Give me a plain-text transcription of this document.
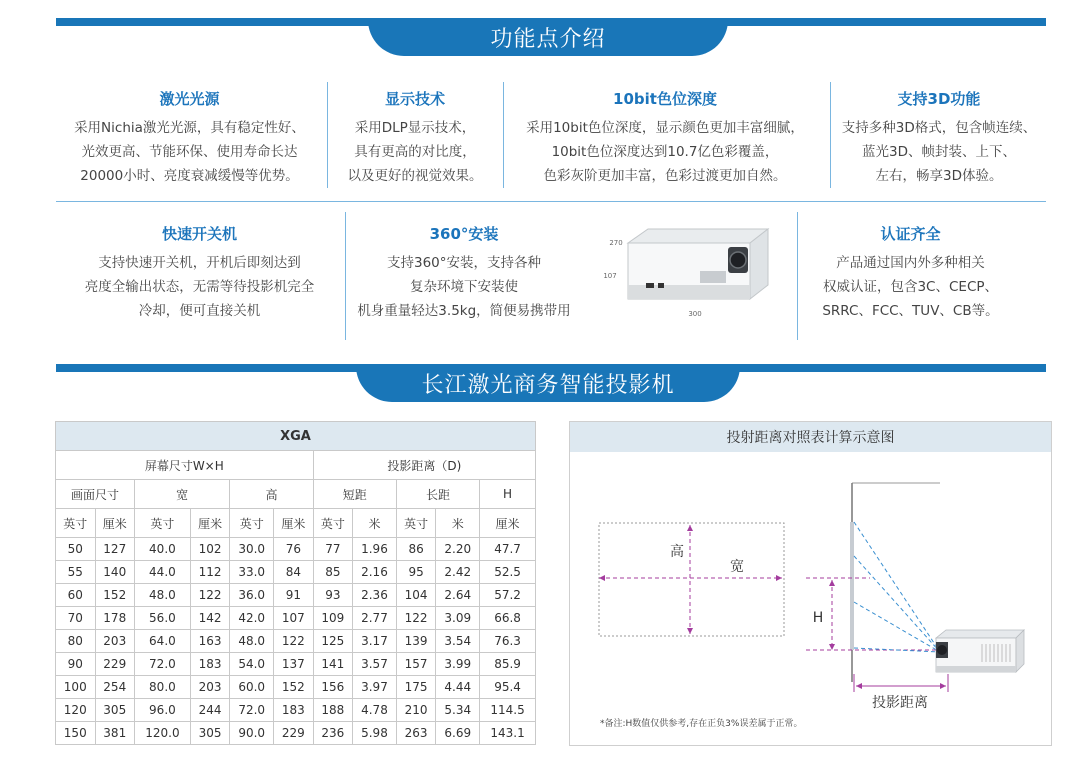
功能点介绍
激光光源
采用Nichia激光光源，具有稳定性好、
光效更高、节能环保、使用寿命长达
20000小时、亮度衰减缓慢等优势。
显示技术
采用DLP显示技术，
具有更高的对比度，
以及更好的视觉效果。
10bit色位深度
采用10bit色位深度，显示颜色更加丰富细腻，
10bit色位深度达到10.7亿色彩覆盖，
色彩灰阶更加丰富，色彩过渡更加自然。
支持3D功能
支持多种3D格式，包含帧连续、
蓝光3D、帧封装、上下、
左右，畅享3D体验。
快速开关机
支持快速开关机，开机后即刻达到
亮度全输出状态，无需等待投影机完全
冷却，便可直接关机
360°安装
支持360°安装，支持各种
复杂环境下安装使
机身重量轻达3.5kg，简便易携带用
270
107
300
认证齐全
产品通过国内外多种相关
权威认证，包含3C、CECP、
SRRC、FCC、TUV、CB等。
长江激光商务智能投影机
XGA										
屏幕尺寸W×H						投影距离（D)				
画面尺寸		宽		高		短距		长距		H
英寸	厘米	英寸	厘米	英寸	厘米	英寸	米	英寸	米	厘米
50	127	40.0	102	30.0	76	77	1.96	86	2.20	47.7
55	140	44.0	112	33.0	84	85	2.16	95	2.42	52.5
60	152	48.0	122	36.0	91	93	2.36	104	2.64	57.2
70	178	56.0	142	42.0	107	109	2.77	122	3.09	66.8
80	203	64.0	163	48.0	122	125	3.17	139	3.54	76.3
90	229	72.0	183	54.0	137	141	3.57	157	3.99	85.9
100	254	80.0	203	60.0	152	156	3.97	175	4.44	95.4
120	305	96.0	244	72.0	183	188	4.78	210	5.34	114.5
150	381	120.0	305	90.0	229	236	5.98	263	6.69	143.1
投射距离对照表计算示意图
高
宽
H
投影距离
*备注:H数值仅供参考,存在正负3%误差属于正常。
